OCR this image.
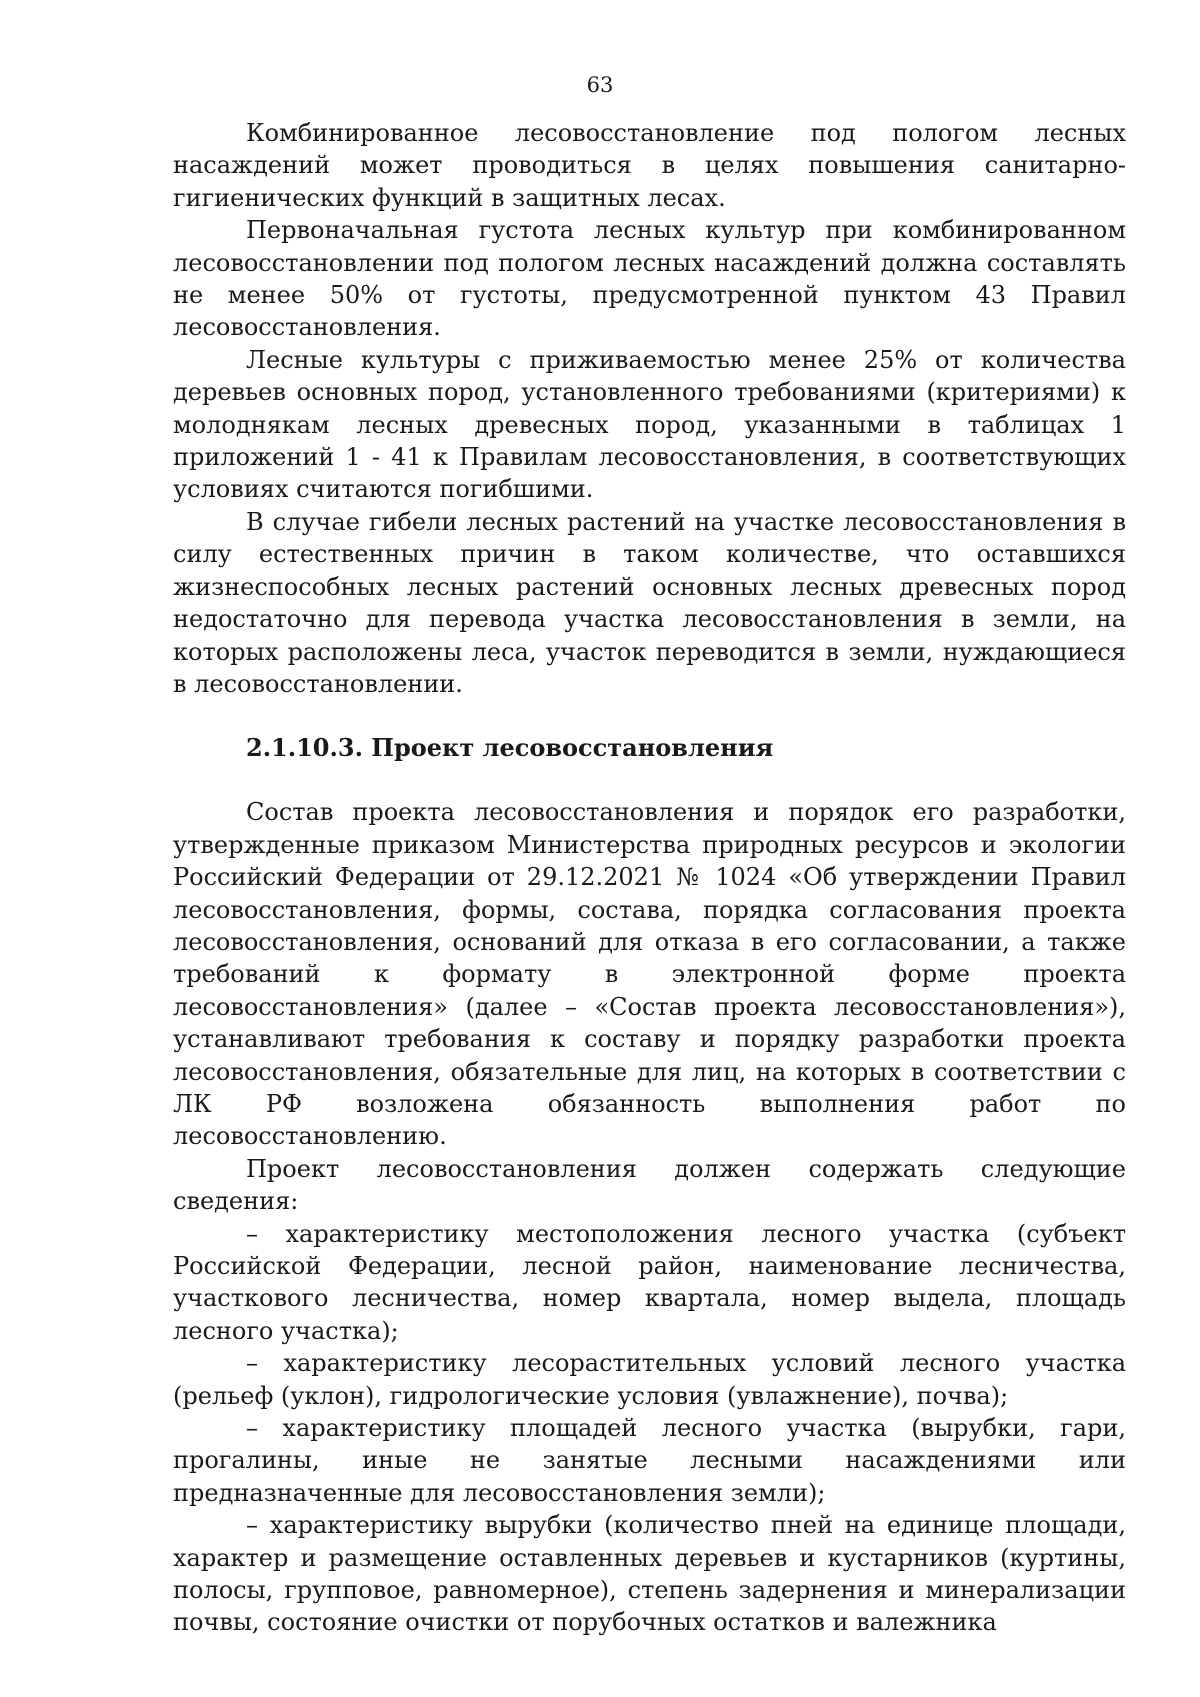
63

Комбинированное лесовосстановление под пологом лесных насаждений может проводиться в целях повышения санитарно-гигиенических функций в защитных лесах.

Первоначальная густота лесных культур при комбинированном лесовосстановлении под пологом лесных насаждений должна составлять не менее 50% от густоты, предусмотренной пунктом 43 Правил лесовосстановления.

Лесные культуры с приживаемостью менее 25% от количества деревьев основных пород, установленного требованиями (критериями) к молоднякам лесных древесных пород, указанными в таблицах 1 приложений 1 - 41 к Правилам лесовосстановления, в соответствующих условиях считаются погибшими.

В случае гибели лесных растений на участке лесовосстановления в силу естественных причин в таком количестве, что оставшихся жизнеспособных лесных растений основных лесных древесных пород недостаточно для перевода участка лесовосстановления в земли, на которых расположены леса, участок переводится в земли, нуждающиеся в лесовосстановлении.

2.1.10.3. Проект лесовосстановления

Состав проекта лесовосстановления и порядок его разработки, утвержденные приказом Министерства природных ресурсов и экологии Российский Федерации от 29.12.2021 № 1024 «Об утверждении Правил лесовосстановления, формы, состава, порядка согласования проекта лесовосстановления, оснований для отказа в его согласовании, а также требований к формату в электронной форме проекта лесовосстановления» (далее – «Состав проекта лесовосстановления»), устанавливают требования к составу и порядку разработки проекта лесовосстановления, обязательные для лиц, на которых в соответствии с ЛК РФ возложена обязанность выполнения работ по лесовосстановлению.

Проект лесовосстановления должен содержать следующие сведения:

– характеристику местоположения лесного участка (субъект Российской Федерации, лесной район, наименование лесничества, участкового лесничества, номер квартала, номер выдела, площадь лесного участка);

– характеристику лесорастительных условий лесного участка (рельеф (уклон), гидрологические условия (увлажнение), почва);

– характеристику площадей лесного участка (вырубки, гари, прогалины, иные не занятые лесными насаждениями или предназначенные для лесовосстановления земли);

– характеристику вырубки (количество пней на единице площади, характер и размещение оставленных деревьев и кустарников (куртины, полосы, групповое, равномерное), степень задернения и минерализации почвы, состояние очистки от порубочных остатков и валежника
